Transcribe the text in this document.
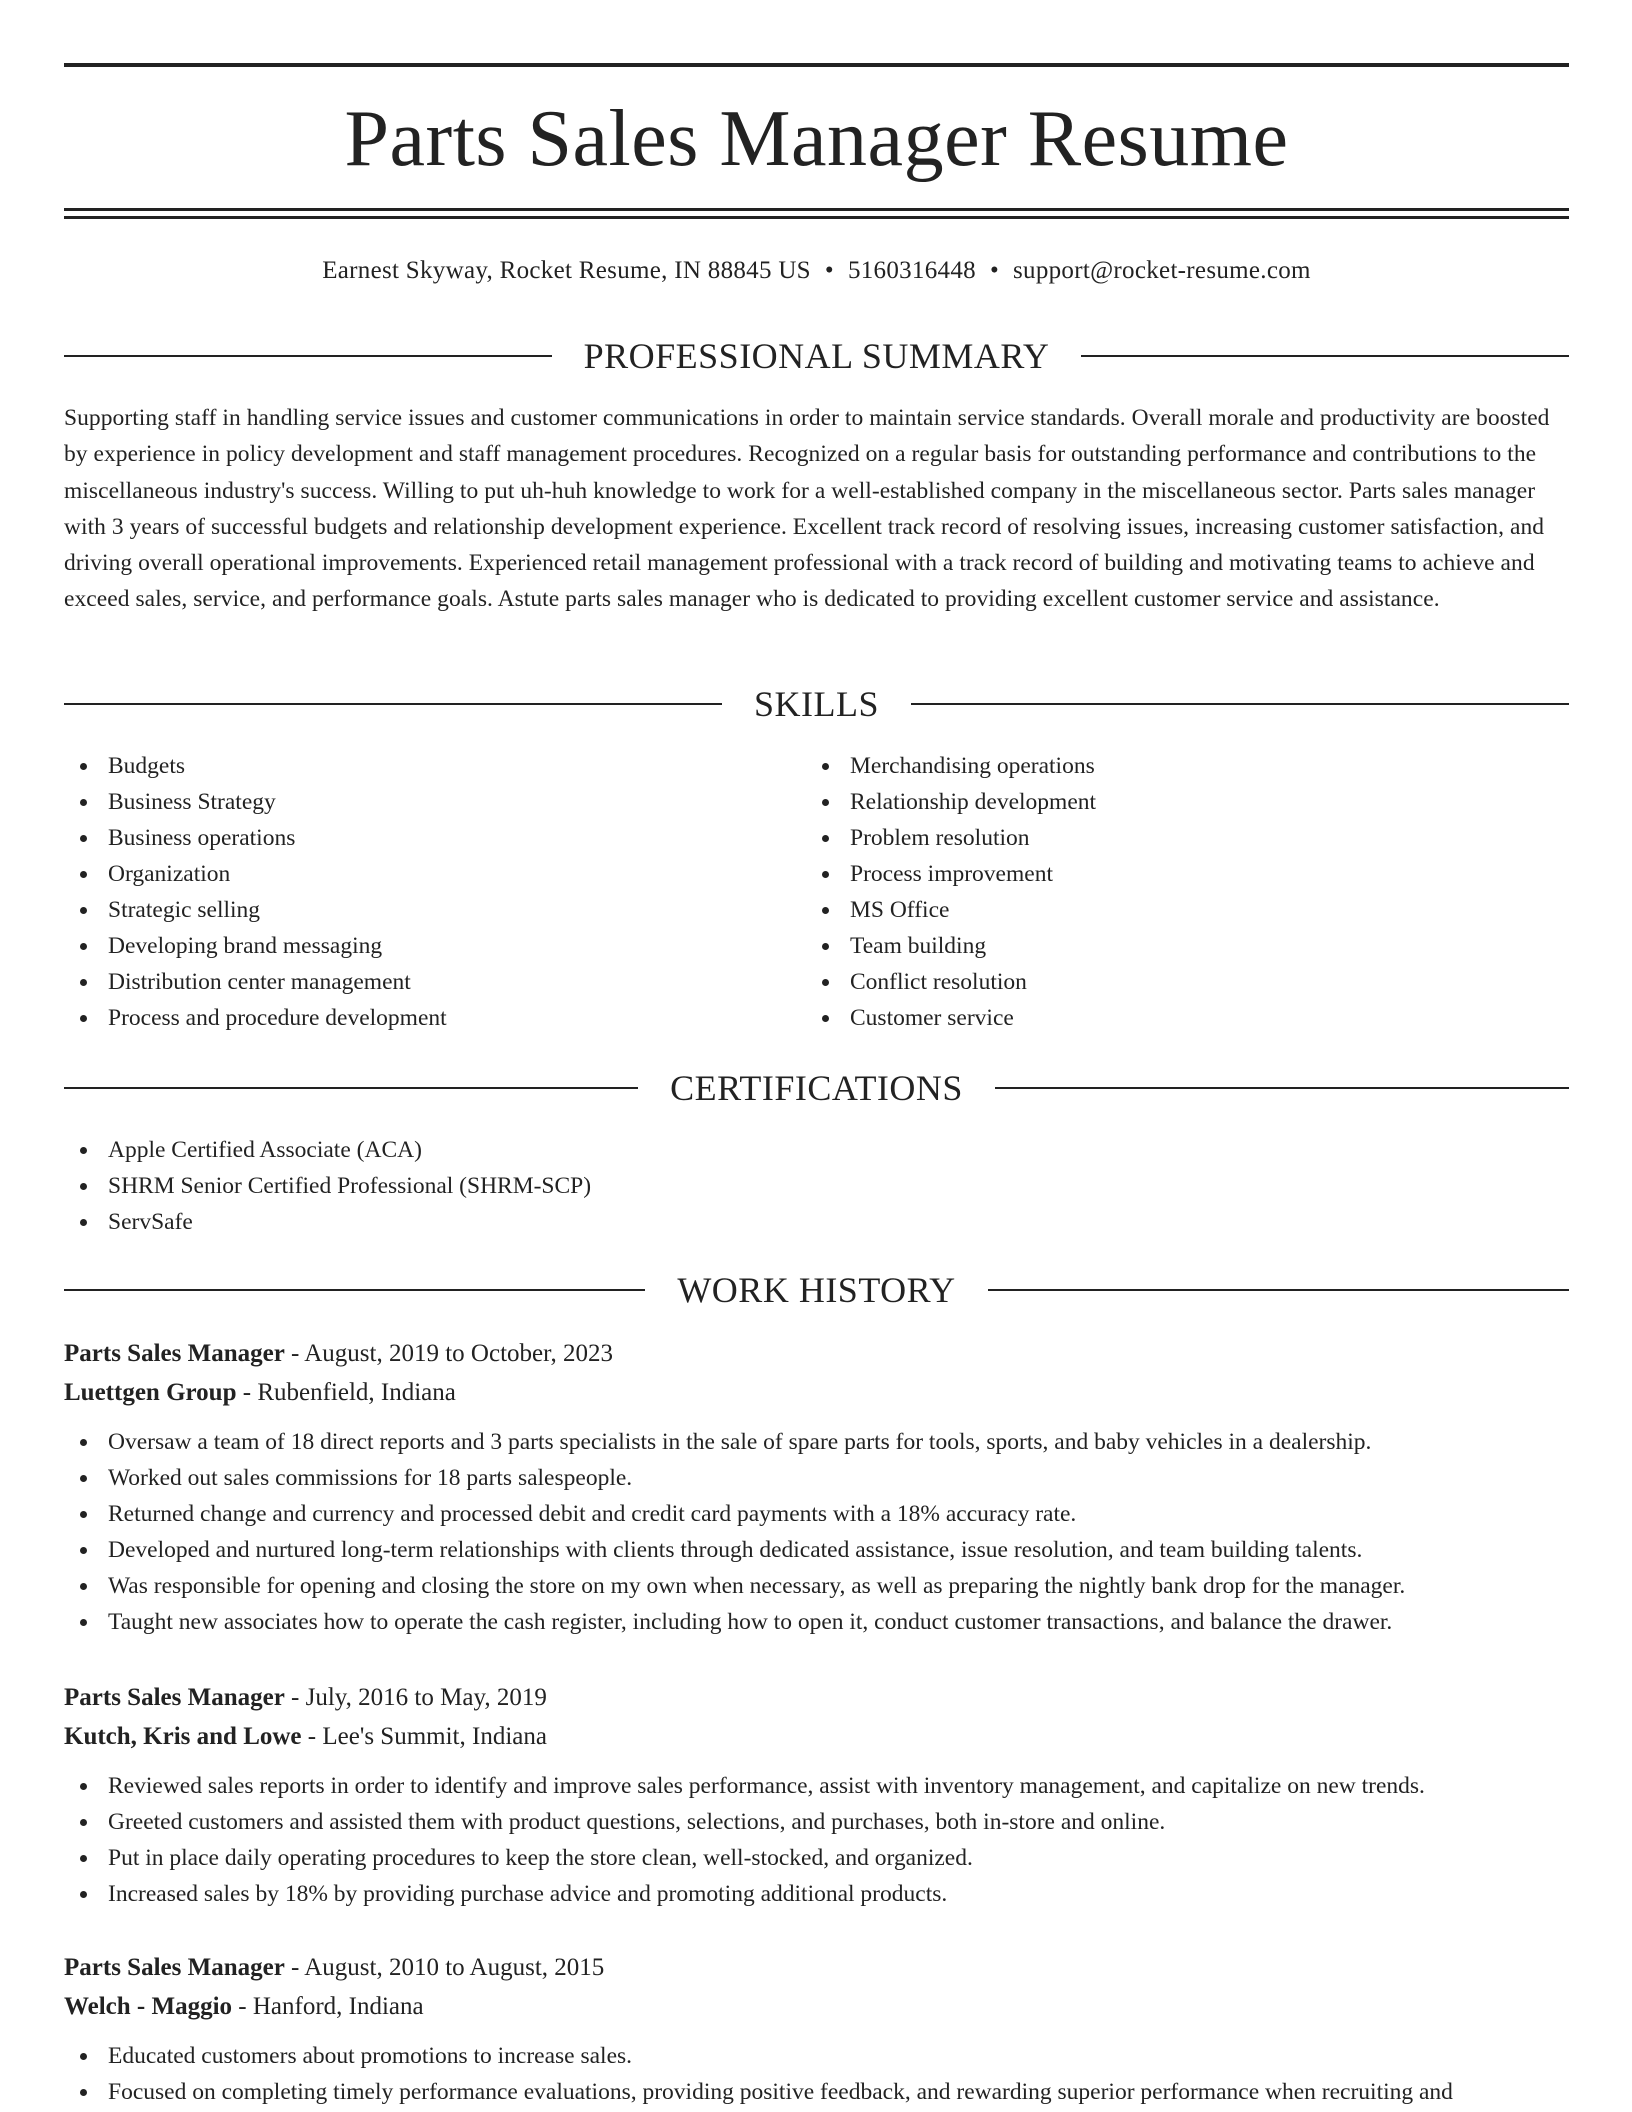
Parts Sales Manager Resume
Earnest Skyway, Rocket Resume, IN 88845 US • 5160316448 • support@rocket-resume.com
PROFESSIONAL SUMMARY

Supporting staff in handling service issues and customer communications in order to maintain service standards. Overall morale and productivity are boosted by experience in policy development and staff management procedures. Recognized on a regular basis for outstanding performance and contributions to the miscellaneous industry's success. Willing to put uh-huh knowledge to work for a well-established company in the miscellaneous sector. Parts sales manager with 3 years of successful budgets and relationship development experience. Excellent track record of resolving issues, increasing customer satisfaction, and driving overall operational improvements. Experienced retail management professional with a track record of building and motivating teams to achieve and exceed sales, service, and performance goals. Astute parts sales manager who is dedicated to providing excellent customer service and assistance.

SKILLS
Budgets
Business Strategy
Business operations
Organization
Strategic selling
Developing brand messaging
Distribution center management
Process and procedure development
Merchandising operations
Relationship development
Problem resolution
Process improvement
MS Office
Team building
Conflict resolution
Customer service
CERTIFICATIONS
Apple Certified Associate (ACA)
SHRM Senior Certified Professional (SHRM-SCP)
ServSafe
WORK HISTORY
Parts Sales Manager - August, 2019 to October, 2023
Luettgen Group - Rubenfield, Indiana
Oversaw a team of 18 direct reports and 3 parts specialists in the sale of spare parts for tools, sports, and baby vehicles in a dealership.
Worked out sales commissions for 18 parts salespeople.
Returned change and currency and processed debit and credit card payments with a 18% accuracy rate.
Developed and nurtured long-term relationships with clients through dedicated assistance, issue resolution, and team building talents.
Was responsible for opening and closing the store on my own when necessary, as well as preparing the nightly bank drop for the manager.
Taught new associates how to operate the cash register, including how to open it, conduct customer transactions, and balance the drawer.
Parts Sales Manager - July, 2016 to May, 2019
Kutch, Kris and Lowe - Lee's Summit, Indiana
Reviewed sales reports in order to identify and improve sales performance, assist with inventory management, and capitalize on new trends.
Greeted customers and assisted them with product questions, selections, and purchases, both in-store and online.
Put in place daily operating procedures to keep the store clean, well-stocked, and organized.
Increased sales by 18% by providing purchase advice and promoting additional products.
Parts Sales Manager - August, 2010 to August, 2015
Welch - Maggio - Hanford, Indiana
Educated customers about promotions to increase sales.
Focused on completing timely performance evaluations, providing positive feedback, and rewarding superior performance when recruiting and
